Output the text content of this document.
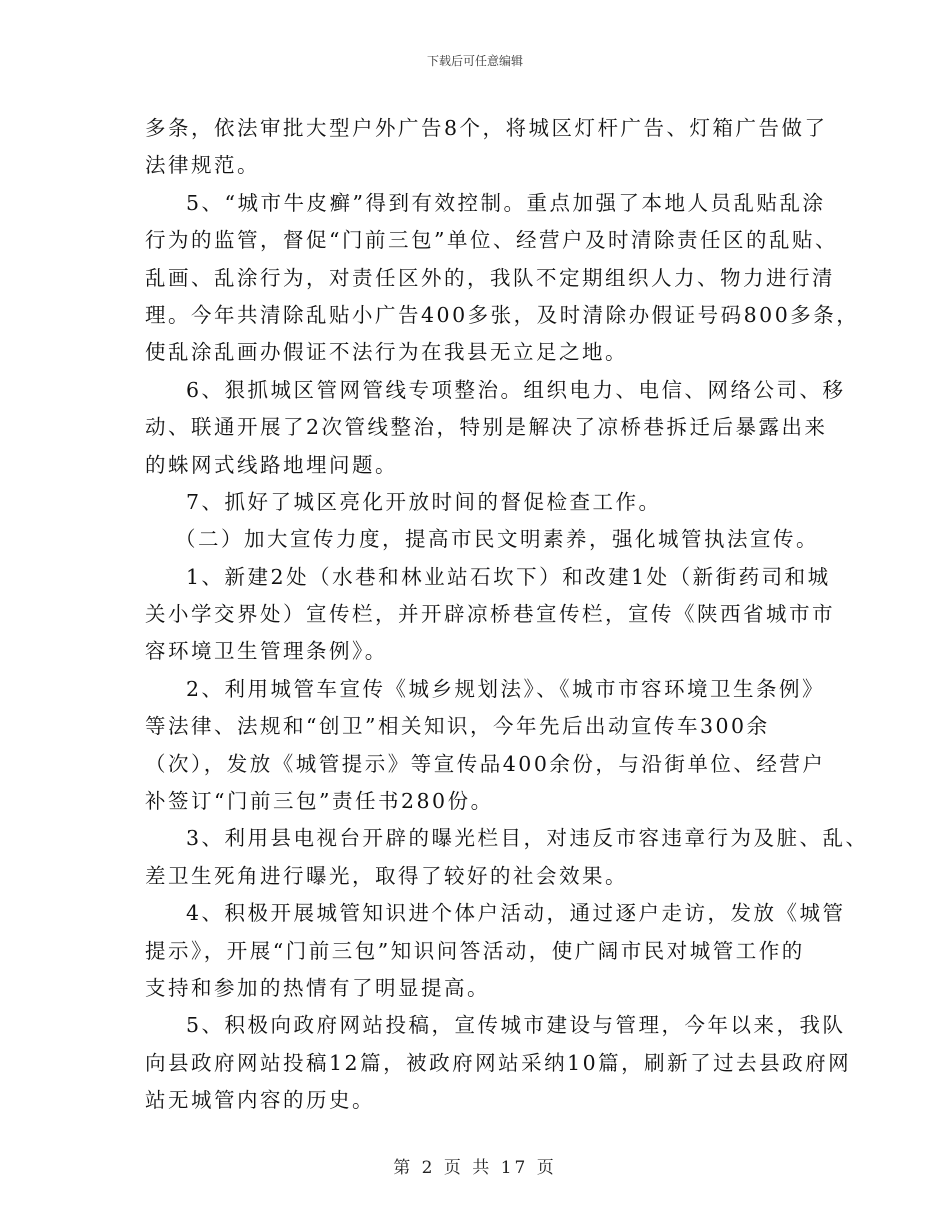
下载后可任意编辑
多条，依法审批大型户外广告8个，将城区灯杆广告、灯箱广告做了
法律规范。
5、“城市牛皮癣”得到有效控制。重点加强了本地人员乱贴乱涂
行为的监管，督促“门前三包”单位、经营户及时清除责任区的乱贴、
乱画、乱涂行为，对责任区外的，我队不定期组织人力、物力进行清
理。今年共清除乱贴小广告400多张，及时清除办假证号码800多条，
使乱涂乱画办假证不法行为在我县无立足之地。
6、狠抓城区管网管线专项整治。组织电力、电信、网络公司、移
动、联通开展了2次管线整治，特别是解决了凉桥巷拆迁后暴露出来
的蛛网式线路地埋问题。
7、抓好了城区亮化开放时间的督促检查工作。
（二）加大宣传力度，提高市民文明素养，强化城管执法宣传。
1、新建2处（水巷和林业站石坎下）和改建1处（新街药司和城
关小学交界处）宣传栏，并开辟凉桥巷宣传栏，宣传《陕西省城市市
容环境卫生管理条例》。
2、利用城管车宣传《城乡规划法》、《城市市容环境卫生条例》
等法律、法规和“创卫”相关知识，今年先后出动宣传车300余
（次），发放《城管提示》等宣传品400余份，与沿街单位、经营户
补签订“门前三包”责任书280份。
3、利用县电视台开辟的曝光栏目，对违反市容违章行为及脏、乱、
差卫生死角进行曝光，取得了较好的社会效果。
4、积极开展城管知识进个体户活动，通过逐户走访，发放《城管
提示》，开展“门前三包”知识问答活动，使广阔市民对城管工作的
支持和参加的热情有了明显提高。
5、积极向政府网站投稿，宣传城市建设与管理，今年以来，我队
向县政府网站投稿12篇，被政府网站采纳10篇，刷新了过去县政府网
站无城管内容的历史。
第 2 页 共 17 页
